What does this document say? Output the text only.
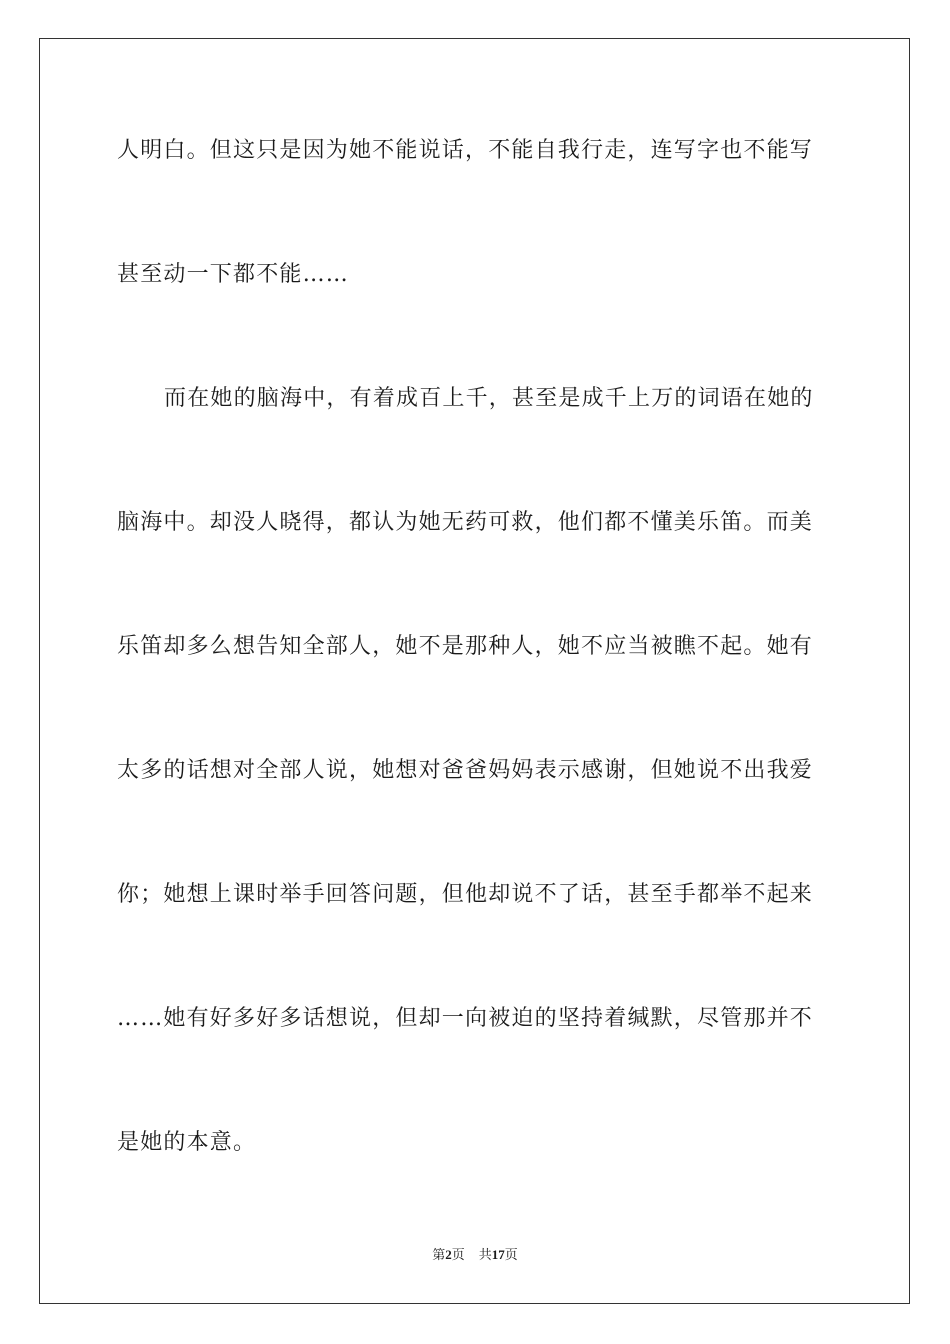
人明白。但这只是因为她不能说话，不能自我行走，连写字也不能写
甚至动一下都不能……
而在她的脑海中，有着成百上千，甚至是成千上万的词语在她的
脑海中。却没人晓得，都认为她无药可救，他们都不懂美乐笛。而美
乐笛却多么想告知全部人，她不是那种人，她不应当被瞧不起。她有
太多的话想对全部人说，她想对爸爸妈妈表示感谢，但她说不出我爱
你；她想上课时举手回答问题，但他却说不了话，甚至手都举不起来
……她有好多好多话想说，但却一向被迫的坚持着缄默，尽管那并不
是她的本意。
第2页 共17页
